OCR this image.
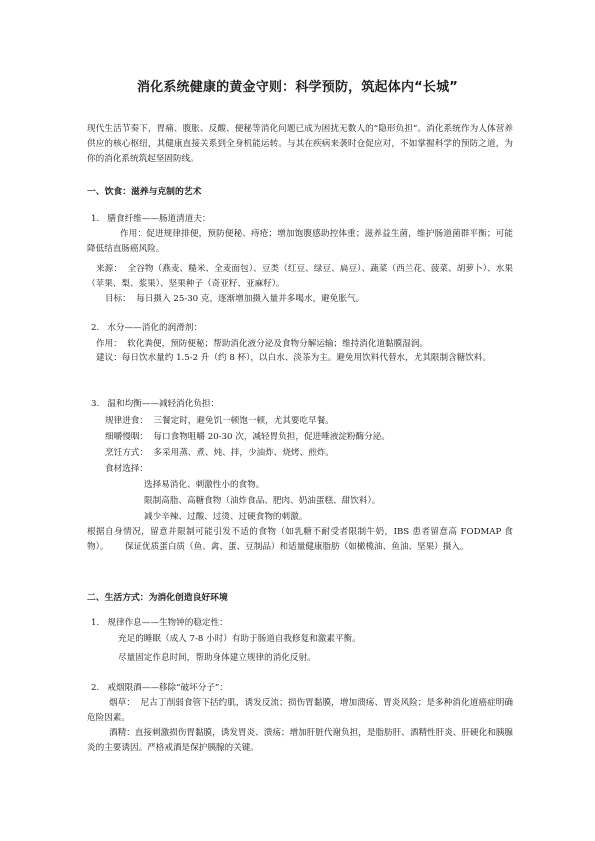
消化系统健康的黄金守则：科学预防，筑起体内“长城”
现代生活节奏下，胃痛、腹胀、反酸、便秘等消化问题已成为困扰无数人的“隐形负担”。消化系统作为人体营养供应的核心枢纽，其健康直接关系到全身机能运转。与其在疾病来袭时仓促应对，不如掌握科学的预防之道，为你的消化系统筑起坚固防线。
一、饮食：滋养与克制的艺术
1.   膳食纤维——肠道清道夫：
作用：促进规律排便，预防便秘、痔疮；增加饱腹感助控体重；滋养益生菌，维护肠道菌群平衡；可能降低结直肠癌风险。
来源：  全谷物（燕麦、糙米、全麦面包）、豆类（红豆、绿豆、扁豆）、蔬菜（西兰花、菠菜、胡萝卜）、水果（苹果、梨、浆果）、坚果种子（奇亚籽、亚麻籽）。
目标：  每日摄入 25-30 克，逐渐增加摄入量并多喝水，避免胀气。
2.   水分——消化的润滑剂：
作用：  软化粪便，预防便秘；帮助消化液分泌及食物分解运输；维持消化道黏膜湿润。
建议：每日饮水量约 1.5-2 升（约 8 杯），以白水、淡茶为主。避免用饮料代替水，尤其限制含糖饮料。
3.   温和均衡——减轻消化负担：
规律进食：  三餐定时，避免饥一顿饱一顿，尤其要吃早餐。
细嚼慢咽：  每口食物咀嚼 20-30 次，减轻胃负担，促进唾液淀粉酶分泌。
烹饪方式：  多采用蒸、煮、炖、拌，少油炸、烧烤、煎炸。
食材选择：
选择易消化、刺激性小的食物。
限制高脂、高糖食物（油炸食品、肥肉、奶油蛋糕、甜饮料）。
减少辛辣、过酸、过烫、过硬食物的刺激。
根据自身情况，留意并限制可能引发不适的食物（如乳糖不耐受者限制牛奶，IBS 患者留意高 FODMAP 食物）。      保证优质蛋白质（鱼、禽、蛋、豆制品）和适量健康脂肪（如橄榄油、鱼油、坚果）摄入。
二、生活方式：为消化创造良好环境
1.   规律作息——生物钟的稳定性：
充足的睡眠（成人 7-8 小时）有助于肠道自我修复和激素平衡。
尽量固定作息时间，帮助身体建立规律的消化反射。
2.   戒烟限酒——移除“破坏分子”：
烟草：  尼古丁削弱食管下括约肌，诱发反流；损伤胃黏膜，增加溃疡、胃炎风险；是多种消化道癌症明确危险因素。
酒精：直接刺激损伤胃黏膜，诱发胃炎、溃疡；增加肝脏代谢负担，是脂肪肝、酒精性肝炎、肝硬化和胰腺炎的主要诱因。严格戒酒是保护胰腺的关键。
